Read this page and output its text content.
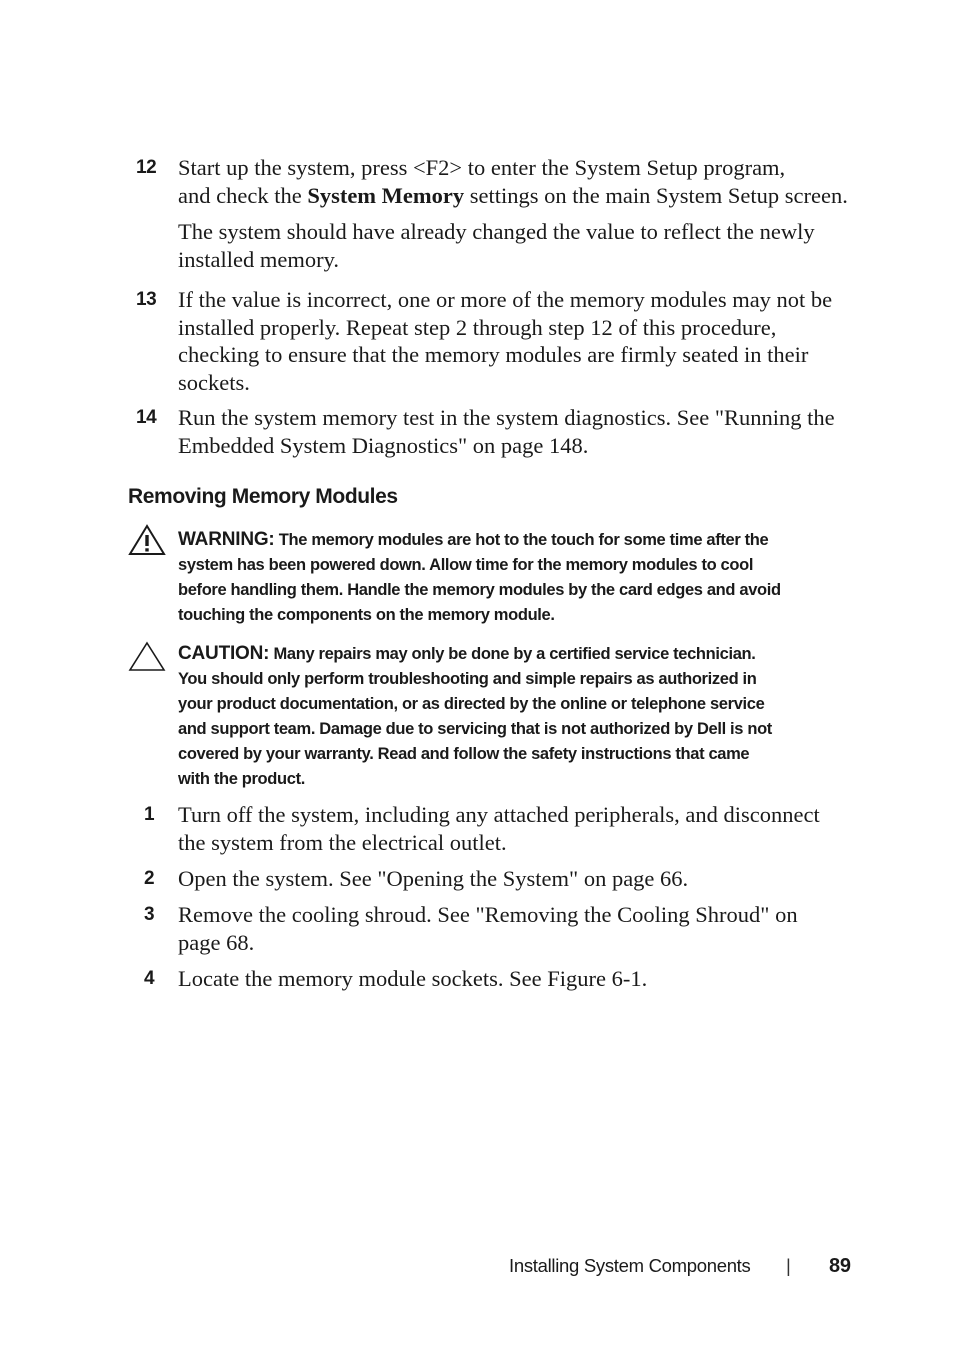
12 Start up the system, press <F2> to enter the System Setup program,
and check the System Memory settings on the main System Setup screen.
The system should have already changed the value to reflect the newly
installed memory.
13 If the value is incorrect, one or more of the memory modules may not be
installed properly. Repeat step 2 through step 12 of this procedure,
checking to ensure that the memory modules are firmly seated in their
sockets.
14 Run the system memory test in the system diagnostics. See "Running the
Embedded System Diagnostics" on page 148.
Removing Memory Modules
WARNING: The memory modules are hot to the touch for some time after the
system has been powered down. Allow time for the memory modules to cool
before handling them. Handle the memory modules by the card edges and avoid
touching the components on the memory module.
CAUTION: Many repairs may only be done by a certified service technician.
You should only perform troubleshooting and simple repairs as authorized in
your product documentation, or as directed by the online or telephone service
and support team. Damage due to servicing that is not authorized by Dell is not
covered by your warranty. Read and follow the safety instructions that came
with the product.
1 Turn off the system, including any attached peripherals, and disconnect
the system from the electrical outlet.
2 Open the system. See "Opening the System" on page 66.
3 Remove the cooling shroud. See "Removing the Cooling Shroud" on
page 68.
4 Locate the memory module sockets. See Figure 6-1.
Installing System Components | 89
